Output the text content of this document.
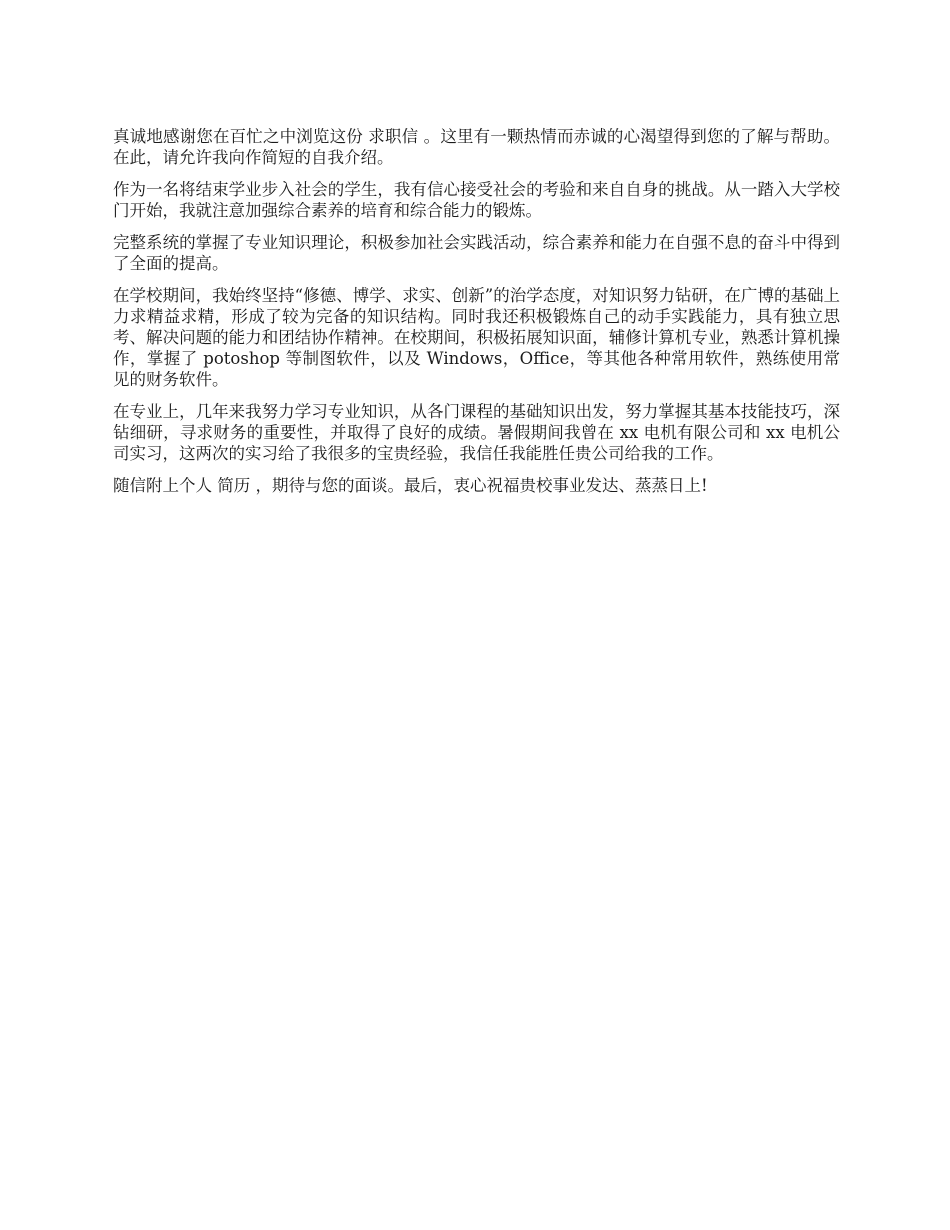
真诚地感谢您在百忙之中浏览这份 求职信 。这里有一颗热情而赤诚的心渴望得到您的了解与帮助。在此，请允许我向作简短的自我介绍。

作为一名将结束学业步入社会的学生，我有信心接受社会的考验和来自自身的挑战。从一踏入大学校门开始，我就注意加强综合素养的培育和综合能力的锻炼。

完整系统的掌握了专业知识理论，积极参加社会实践活动，综合素养和能力在自强不息的奋斗中得到了全面的提高。

在学校期间，我始终坚持“修德、博学、求实、创新”的治学态度，对知识努力钻研，在广博的基础上力求精益求精，形成了较为完备的知识结构。同时我还积极锻炼自己的动手实践能力，具有独立思考、解决问题的能力和团结协作精神。在校期间，积极拓展知识面，辅修计算机专业，熟悉计算机操作，掌握了 potoshop 等制图软件，以及 Windows，Office，等其他各种常用软件，熟练使用常见的财务软件。

在专业上，几年来我努力学习专业知识，从各门课程的基础知识出发，努力掌握其基本技能技巧，深钻细研，寻求财务的重要性，并取得了良好的成绩。暑假期间我曾在 xx 电机有限公司和 xx 电机公司实习，这两次的实习给了我很多的宝贵经验，我信任我能胜任贵公司给我的工作。

随信附上个人 简历 ，期待与您的面谈。最后，衷心祝福贵校事业发达、蒸蒸日上!
